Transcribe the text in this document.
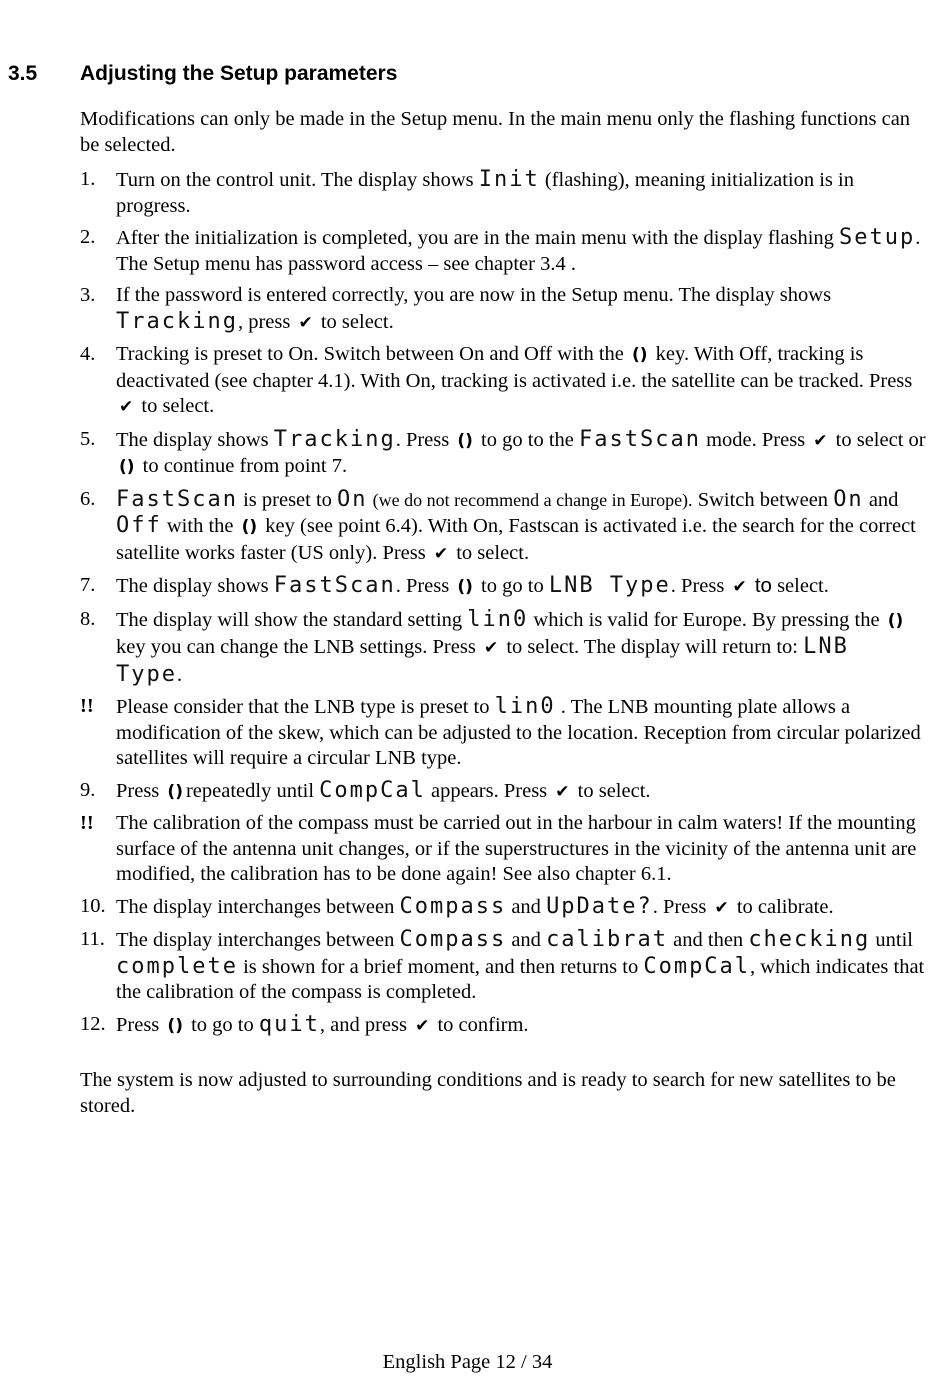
3.5 Adjusting the Setup parameters

Modifications can only be made in the Setup menu. In the main menu only the flashing functions can be selected.

1.	Turn on the control unit. The display shows Init (flashing), meaning initialization is in progress.
2.	After the initialization is completed, you are in the main menu with the display flashing Setup. The Setup menu has password access – see chapter 3.4 .
3.	If the password is entered correctly, you are now in the Setup menu. The display shows Tracking, press ✔ to select.
4.	Tracking is preset to On. Switch between On and Off with the () key. With Off, tracking is deactivated (see chapter 4.1). With On, tracking is activated i.e. the satellite can be tracked. Press ✔ to select.
5.	The display shows Tracking. Press () to go to the FastScan mode. Press ✔ to select or () to continue from point 7.
6. FastScan is preset to On (we do not recommend a change in Europe). Switch between On and Off with the () key (see point 6.4). With On, Fastscan is activated i.e. the search for the correct satellite works faster (US only). Press ✔ to select.
7.	The display shows FastScan. Press () to go to LNB Type. Press ✔ to select.
8.	The display will show the standard setting lin0 which is valid for Europe. By pressing the () key you can change the LNB settings. Press ✔ to select. The display will return to: LNB Type.
!!	Please consider that the LNB type is preset to lin0 . The LNB mounting plate allows a modification of the skew, which can be adjusted to the location. Reception from circular polarized satellites will require a circular LNB type.
9.	Press () repeatedly until CompCal appears. Press ✔ to select.
!!	The calibration of the compass must be carried out in the harbour in calm waters! If the mounting surface of the antenna unit changes, or if the superstructures in the vicinity of the antenna unit are modified, the calibration has to be done again! See also chapter 6.1.
10. The display interchanges between Compass and UpDate?. Press ✔ to calibrate.
11. The display interchanges between Compass and calibrat and then checking until complete is shown for a brief moment, and then returns to CompCal, which indicates that the calibration of the compass is completed.
12. Press () to go to quit, and press ✔ to confirm.

The system is now adjusted to surrounding conditions and is ready to search for new satellites to be stored.

English Page 12 / 34
